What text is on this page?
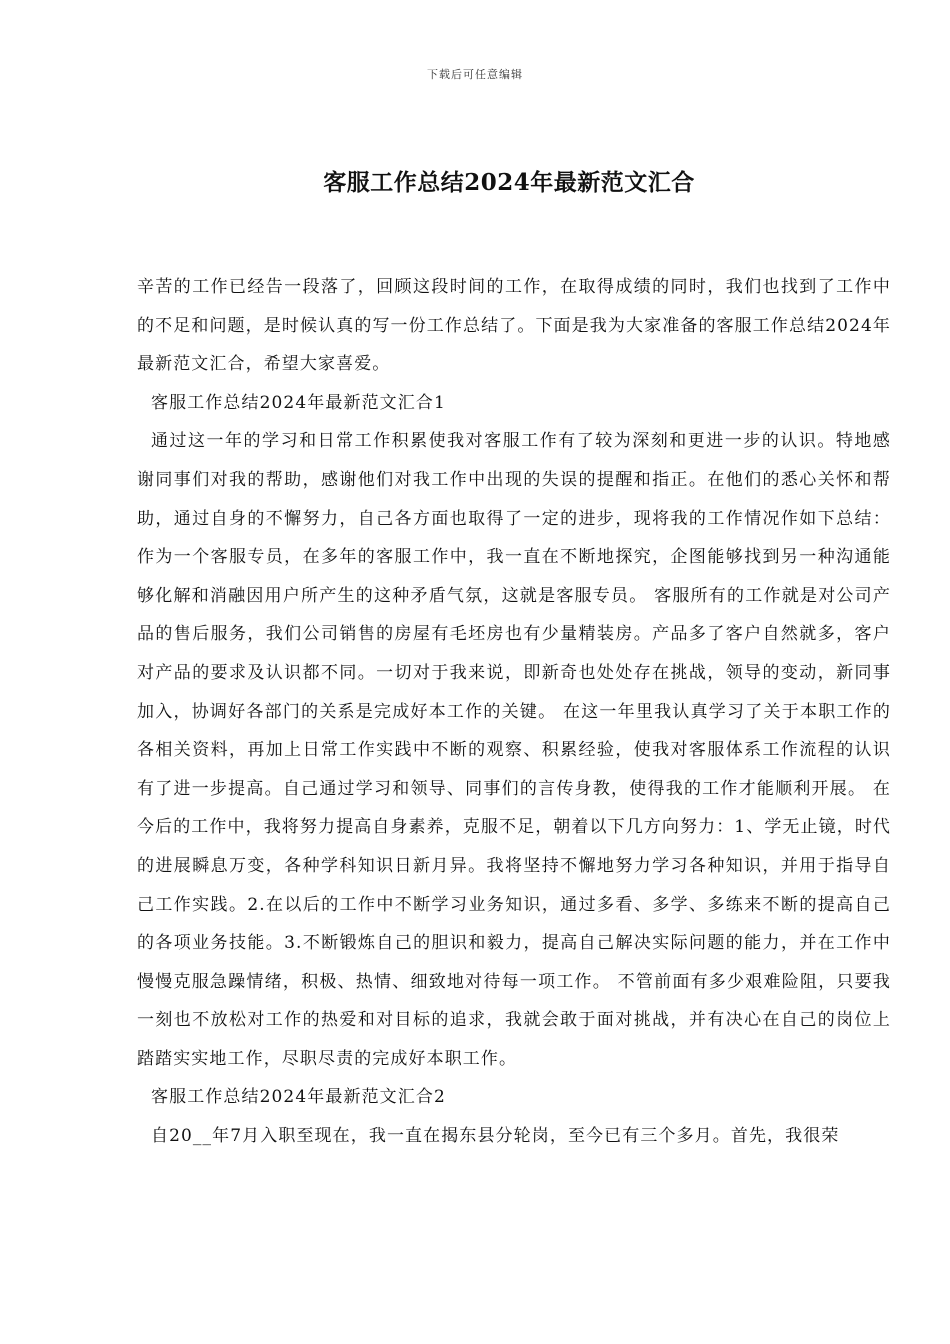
下载后可任意编辑
客服工作总结2024年最新范文汇合

辛苦的工作已经告一段落了，回顾这段时间的工作，在取得成绩的同时，我们也找到了工作中的不足和问题，是时候认真的写一份工作总结了。下面是我为大家准备的客服工作总结2024年最新范文汇合，希望大家喜爱。

客服工作总结2024年最新范文汇合1

通过这一年的学习和日常工作积累使我对客服工作有了较为深刻和更进一步的认识。特地感谢同事们对我的帮助，感谢他们对我工作中出现的失误的提醒和指正。在他们的悉心关怀和帮助，通过自身的不懈努力，自己各方面也取得了一定的进步，现将我的工作情况作如下总结： 作为一个客服专员，在多年的客服工作中，我一直在不断地探究，企图能够找到另一种沟通能够化解和消融因用户所产生的这种矛盾气氛，这就是客服专员。 客服所有的工作就是对公司产品的售后服务，我们公司销售的房屋有毛坯房也有少量精装房。产品多了客户自然就多，客户对产品的要求及认识都不同。一切对于我来说，即新奇也处处存在挑战，领导的变动，新同事加入，协调好各部门的关系是完成好本工作的关键。 在这一年里我认真学习了关于本职工作的各相关资料，再加上日常工作实践中不断的观察、积累经验，使我对客服体系工作流程的认识有了进一步提高。自己通过学习和领导、同事们的言传身教，使得我的工作才能顺利开展。 在今后的工作中，我将努力提高自身素养，克服不足，朝着以下几方向努力：1、学无止镜，时代的进展瞬息万变，各种学科知识日新月异。我将坚持不懈地努力学习各种知识，并用于指导自己工作实践。2.在以后的工作中不断学习业务知识，通过多看、多学、多练来不断的提高自己的各项业务技能。3.不断锻炼自己的胆识和毅力，提高自己解决实际问题的能力，并在工作中慢慢克服急躁情绪，积极、热情、细致地对待每一项工作。 不管前面有多少艰难险阻，只要我一刻也不放松对工作的热爱和对目标的追求，我就会敢于面对挑战，并有决心在自己的岗位上踏踏实实地工作，尽职尽责的完成好本职工作。

客服工作总结2024年最新范文汇合2

自20__年7月入职至现在，我一直在揭东县分轮岗，至今已有三个多月。首先，我很荣
